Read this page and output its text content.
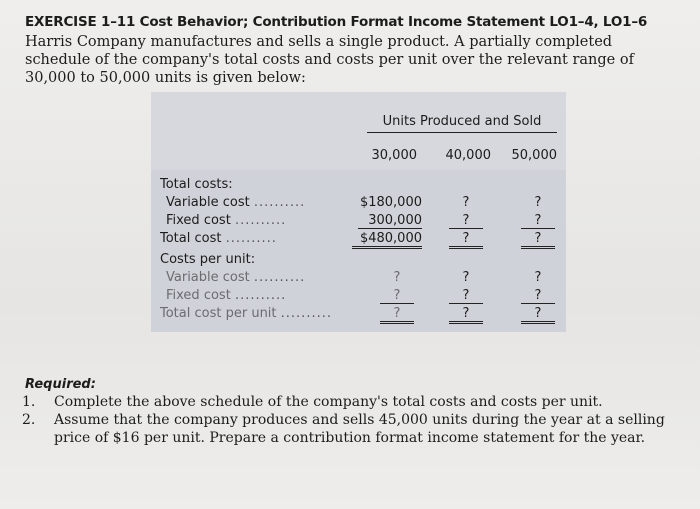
EXERCISE 1–11 Cost Behavior; Contribution Format Income Statement LO1–4, LO1–6
Harris Company manufactures and sells a single product. A partially completed schedule of the company's total costs and costs per unit over the relevant range of 30,000 to 50,000 units is given below:
Units Produced and Sold
30,000	40,000	50,000
Total costs:
Variable cost ..........	$180,000	?	?
Fixed cost ..........	300,000	?	?
Total cost ..........	$480,000	?	?
Costs per unit:
Variable cost ..........	?	?	?
Fixed cost ..........	?	?	?
Total cost per unit ..........	?	?	?
Required:
1.	Complete the above schedule of the company's total costs and costs per unit.
2.	Assume that the company produces and sells 45,000 units during the year at a selling price of $16 per unit. Prepare a contribution format income statement for the year.
